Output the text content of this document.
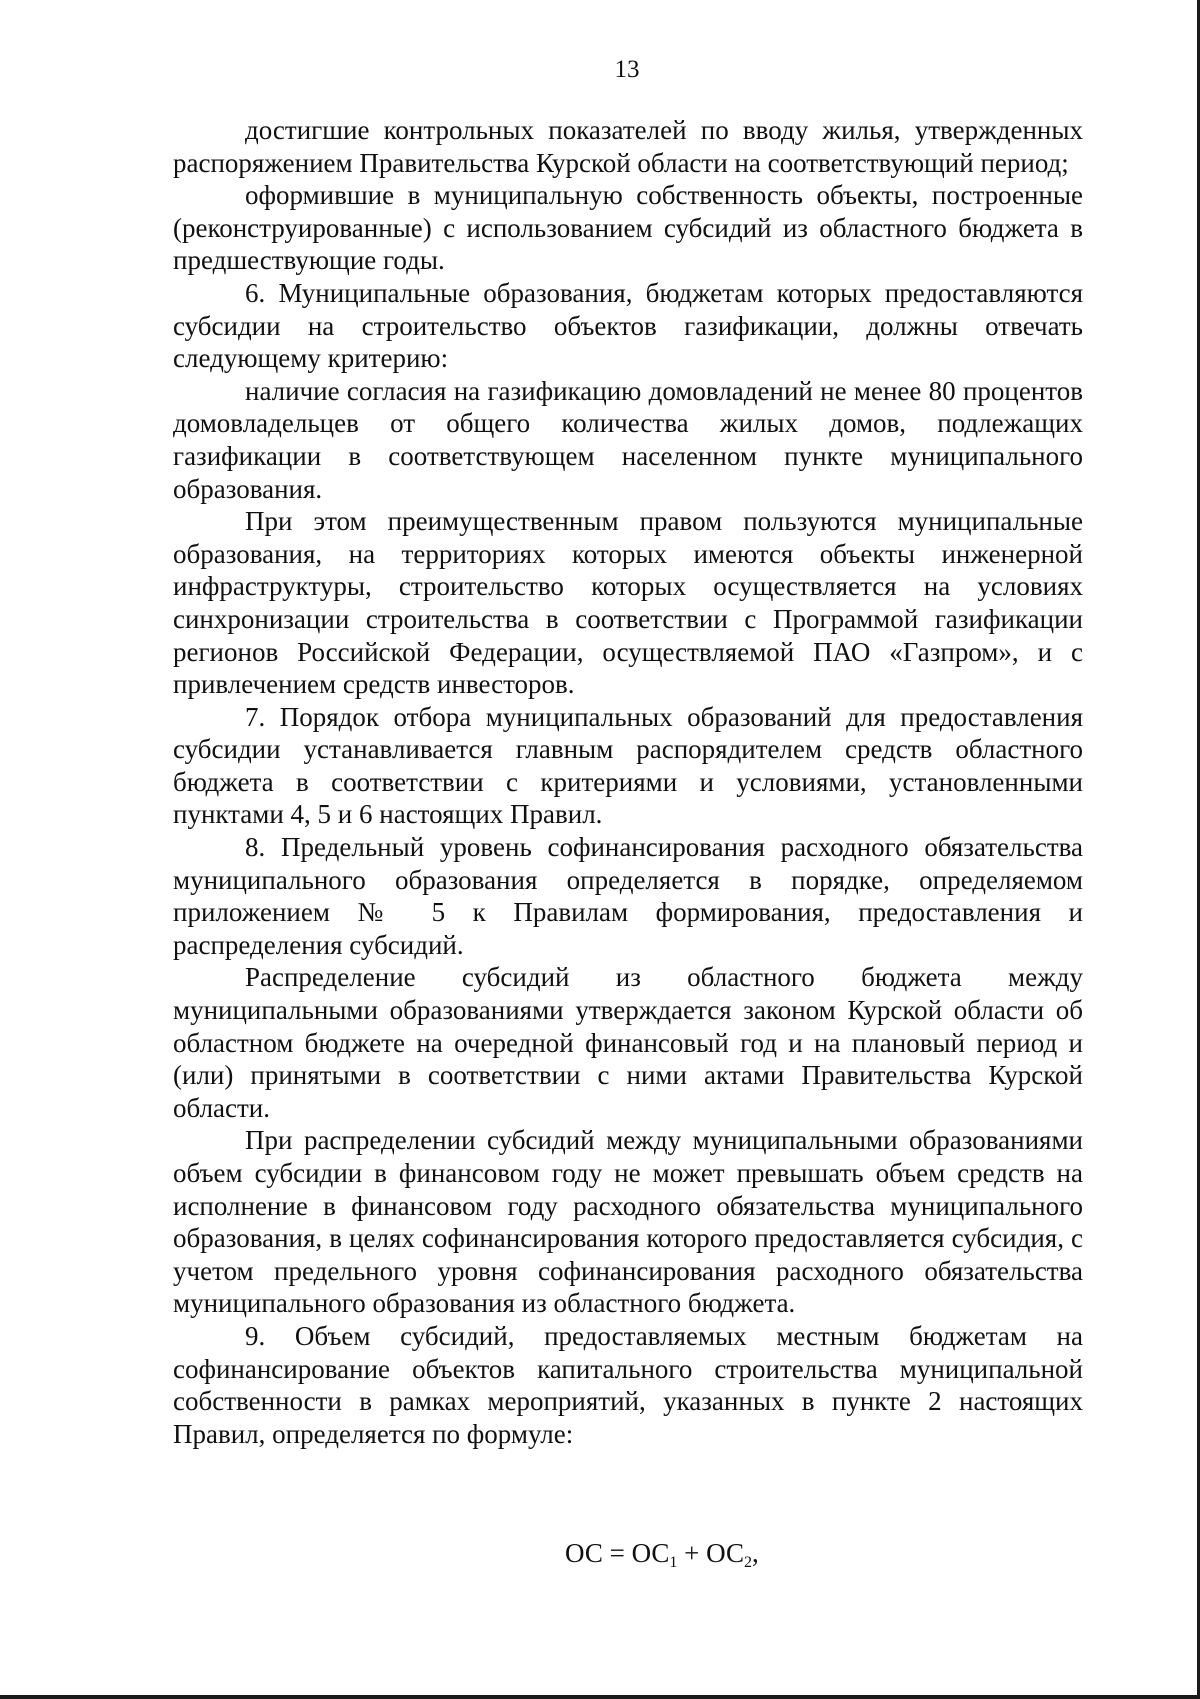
13

достигшие контрольных показателей по вводу жилья, утвержденных распоряжением Правительства Курской области на соответствующий период;

оформившие в муниципальную собственность объекты, построенные (реконструированные) с использованием субсидий из областного бюджета в предшествующие годы.

6. Муниципальные образования, бюджетам которых предоставляются субсидии на строительство объектов газификации, должны отвечать следующему критерию:

наличие согласия на газификацию домовладений не менее 80 процентов домовладельцев от общего количества жилых домов, подлежащих газификации в соответствующем населенном пункте муниципального образования.

При этом преимущественным правом пользуются муниципальные образования, на территориях которых имеются объекты инженерной инфраструктуры, строительство которых осуществляется на условиях синхронизации строительства в соответствии с Программой газификации регионов Российской Федерации, осуществляемой ПАО «Газпром», и с привлечением средств инвесторов.

7. Порядок отбора муниципальных образований для предоставления субсидии устанавливается главным распорядителем средств областного бюджета в соответствии с критериями и условиями, установленными пунктами 4, 5 и 6 настоящих Правил.

8. Предельный уровень софинансирования расходного обязательства муниципального образования определяется в порядке, определяемом приложением № 5 к Правилам формирования, предоставления и распределения субсидий.

Распределение субсидий из областного бюджета между муниципальными образованиями утверждается законом Курской области об областном бюджете на очередной финансовый год и на плановый период и (или) принятыми в соответствии с ними актами Правительства Курской области.

При распределении субсидий между муниципальными образованиями объем субсидии в финансовом году не может превышать объем средств на исполнение в финансовом году расходного обязательства муниципального образования, в целях софинансирования которого предоставляется субсидия, с учетом предельного уровня софинансирования расходного обязательства муниципального образования из областного бюджета.

9. Объем субсидий, предоставляемых местным бюджетам на софинансирование объектов капитального строительства муниципальной собственности в рамках мероприятий, указанных в пункте 2 настоящих Правил, определяется по формуле:

ОС = $ОС_1 + ОС_2$,
